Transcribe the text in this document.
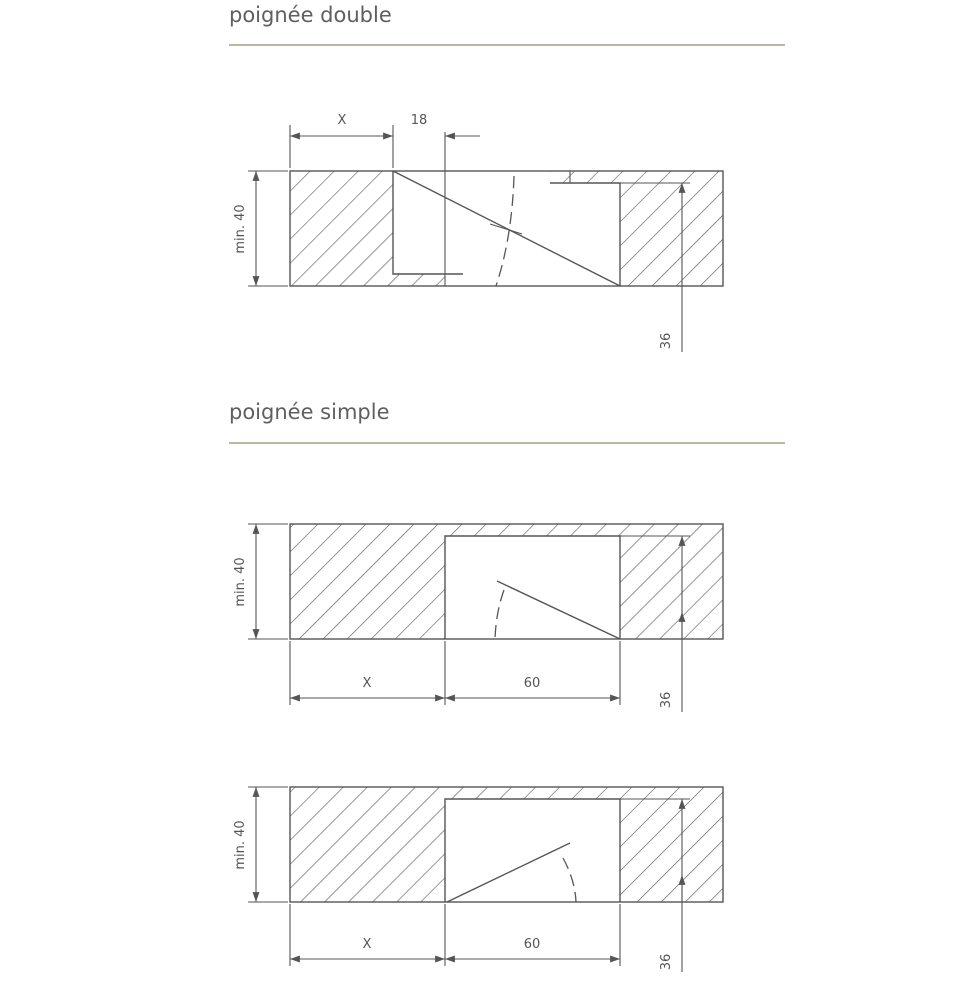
poignée double
poignée simple
X	18
min. 40
36
min. 40
X	60
36
min. 40
X	60
36
